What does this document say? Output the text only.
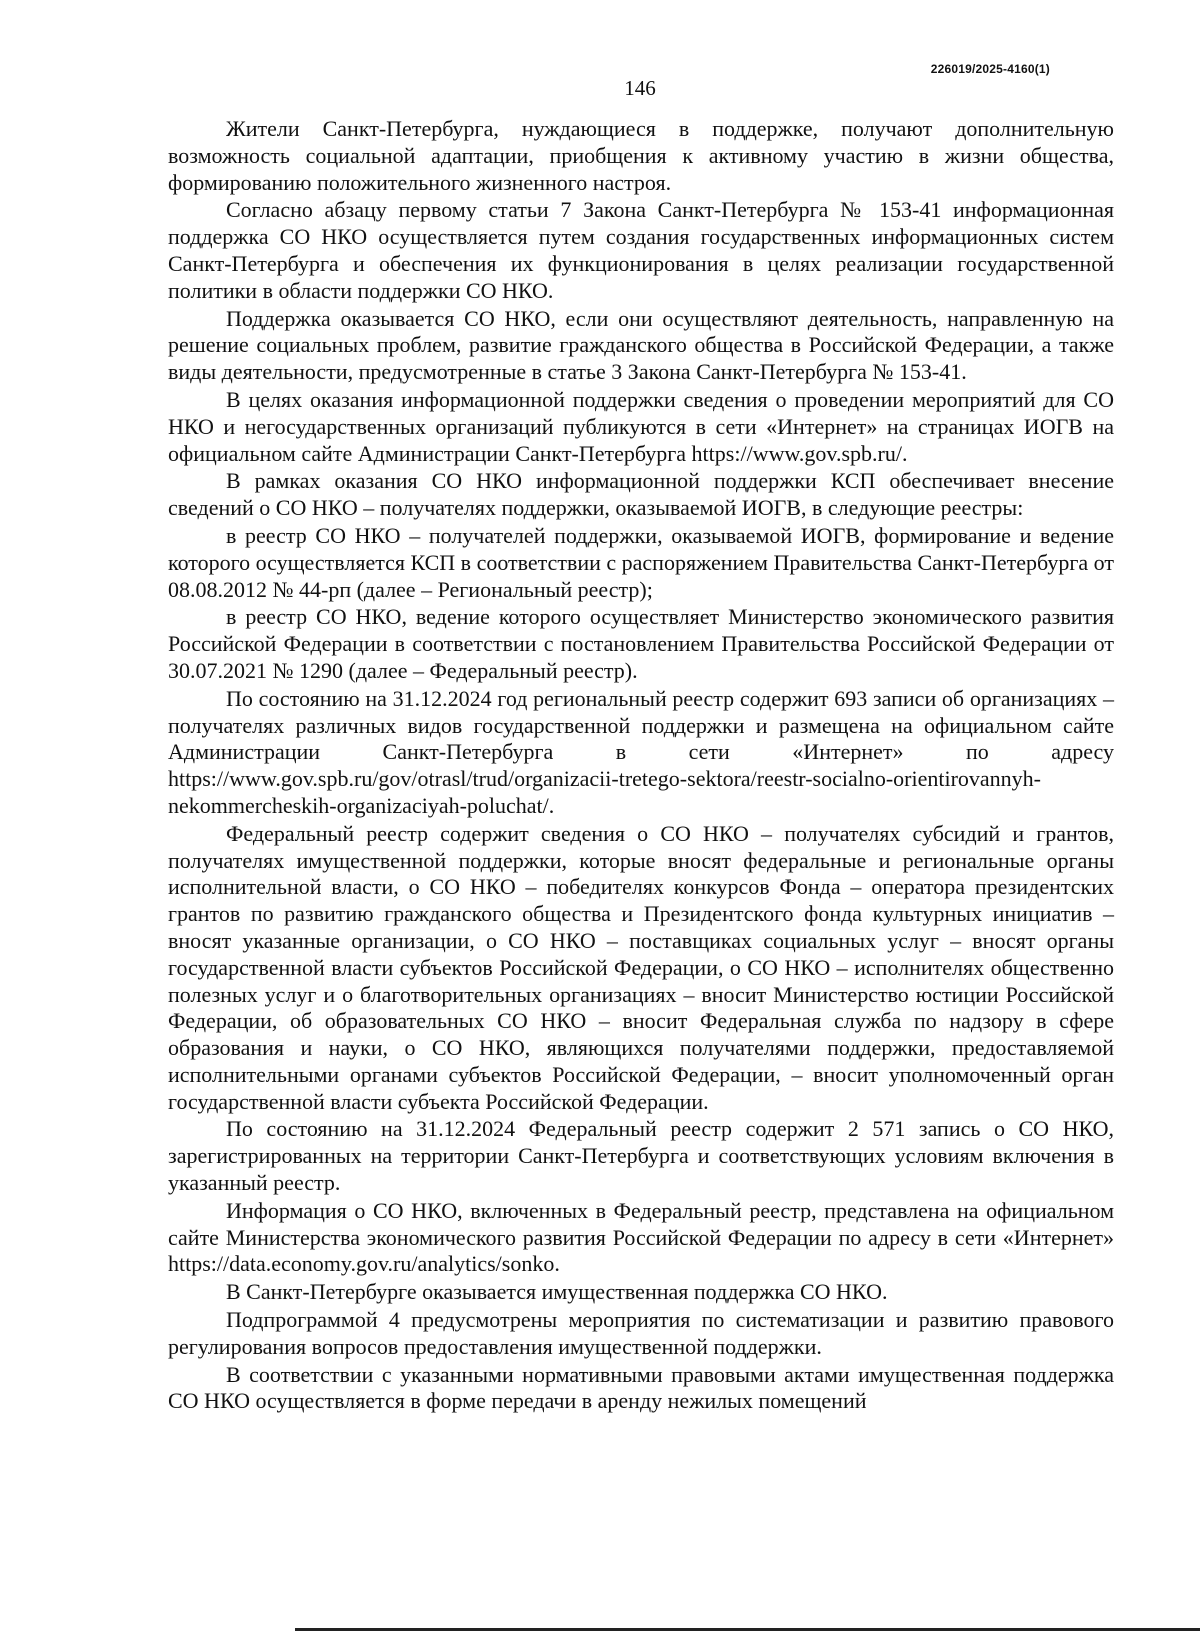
226019/2025-4160(1)
146

Жители Санкт-Петербурга, нуждающиеся в поддержке, получают дополнительную возможность социальной адаптации, приобщения к активному участию в жизни общества, формированию положительного жизненного настроя.

Согласно абзацу первому статьи 7 Закона Санкт-Петербурга № 153-41 информационная поддержка СО НКО осуществляется путем создания государственных информационных систем Санкт-Петербурга и обеспечения их функционирования в целях реализации государственной политики в области поддержки СО НКО.

Поддержка оказывается СО НКО, если они осуществляют деятельность, направленную на решение социальных проблем, развитие гражданского общества в Российской Федерации, а также виды деятельности, предусмотренные в статье 3 Закона Санкт-Петербурга № 153-41.

В целях оказания информационной поддержки сведения о проведении мероприятий для СО НКО и негосударственных организаций публикуются в сети «Интернет» на страницах ИОГВ на официальном сайте Администрации Санкт-Петербурга https://www.gov.spb.ru/.

В рамках оказания СО НКО информационной поддержки КСП обеспечивает внесение сведений о СО НКО – получателях поддержки, оказываемой ИОГВ, в следующие реестры:

в реестр СО НКО – получателей поддержки, оказываемой ИОГВ, формирование и ведение которого осуществляется КСП в соответствии с распоряжением Правительства Санкт-Петербурга от 08.08.2012 № 44-рп (далее – Региональный реестр);

в реестр СО НКО, ведение которого осуществляет Министерство экономического развития Российской Федерации в соответствии с постановлением Правительства Российской Федерации от 30.07.2021 № 1290 (далее – Федеральный реестр).

По состоянию на 31.12.2024 год региональный реестр содержит 693 записи об организациях – получателях различных видов государственной поддержки и размещена на официальном сайте Администрации Санкт-Петербурга в сети «Интернет» по адресу https://www.gov.spb.ru/gov/otrasl/trud/organizacii-tretego-sektora/reestr-socialno-orientirovannyh-nekommercheskih-organizaciyah-poluchat/.

Федеральный реестр содержит сведения о СО НКО – получателях субсидий и грантов, получателях имущественной поддержки, которые вносят федеральные и региональные органы исполнительной власти, о СО НКО – победителях конкурсов Фонда – оператора президентских грантов по развитию гражданского общества и Президентского фонда культурных инициатив – вносят указанные организации, о СО НКО – поставщиках социальных услуг – вносят органы государственной власти субъектов Российской Федерации, о СО НКО – исполнителях общественно полезных услуг и о благотворительных организациях – вносит Министерство юстиции Российской Федерации, об образовательных СО НКО – вносит Федеральная служба по надзору в сфере образования и науки, о СО НКО, являющихся получателями поддержки, предоставляемой исполнительными органами субъектов Российской Федерации, – вносит уполномоченный орган государственной власти субъекта Российской Федерации.

По состоянию на 31.12.2024 Федеральный реестр содержит 2 571 запись о СО НКО, зарегистрированных на территории Санкт-Петербурга и соответствующих условиям включения в указанный реестр.

Информация о СО НКО, включенных в Федеральный реестр, представлена на официальном сайте Министерства экономического развития Российской Федерации по адресу в сети «Интернет» https://data.economy.gov.ru/analytics/sonko.

В Санкт-Петербурге оказывается имущественная поддержка СО НКО.

Подпрограммой 4 предусмотрены мероприятия по систематизации и развитию правового регулирования вопросов предоставления имущественной поддержки.

В соответствии с указанными нормативными правовыми актами имущественная поддержка СО НКО осуществляется в форме передачи в аренду нежилых помещений
